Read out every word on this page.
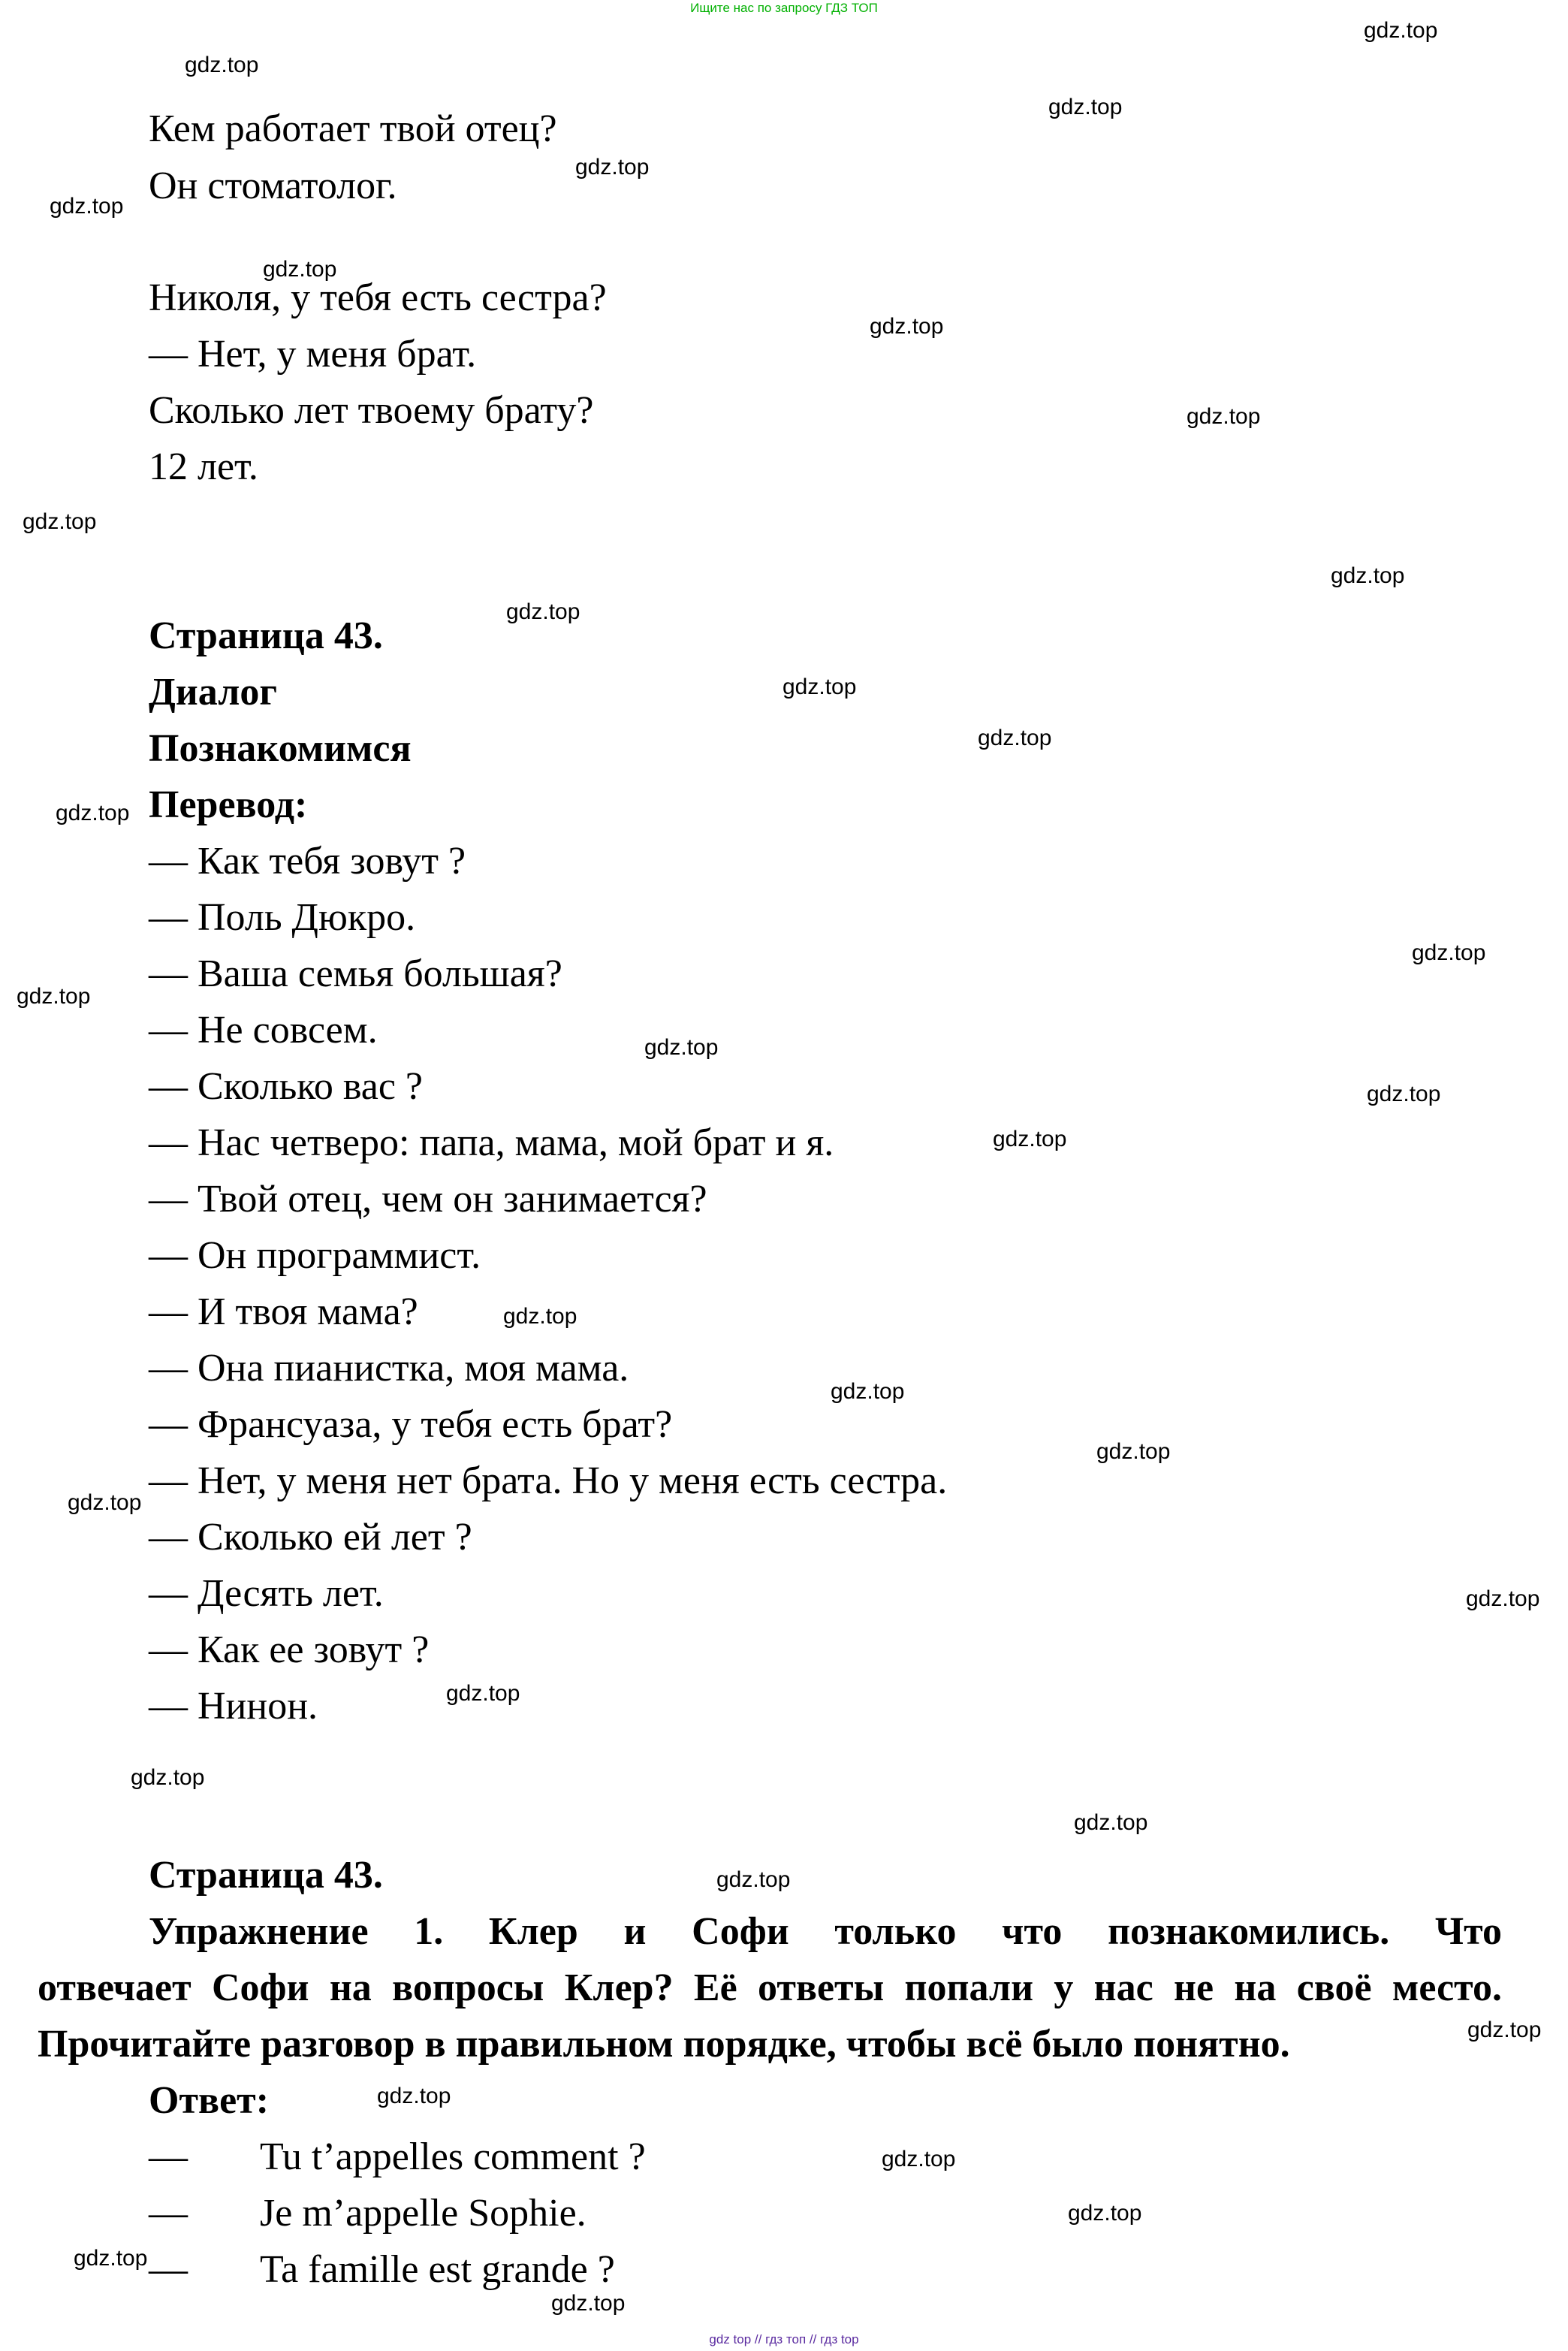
Ищите нас по запросу ГДЗ ТОП
Кем работает твой отец?
Он стоматолог.
Николя, у тебя есть сестра?
— Нет, у меня брат.
Сколько лет твоему брату?
12 лет.
Страница 43.
Диалог
Познакомимся
Перевод:
— Как тебя зовут ?
— Поль Дюкро.
— Ваша семья большая?
— Не совсем.
— Сколько вас ?
— Нас четверо: папа, мама, мой брат и я.
— Твой отец, чем он занимается?
— Он программист.
— И твоя мама?
— Она пианистка, моя мама.
— Франсуаза, у тебя есть брат?
— Нет, у меня нет брата. Но у меня есть сестра.
— Сколько ей лет ?
— Десять лет.
— Как ее зовут ?
— Нинон.
Страница 43.
Упражнение 1. Клер и Софи только что познакомились. Что
отвечает Софи на вопросы Клер? Её ответы попали у нас не на своё место.
Прочитайте разговор в правильном порядке, чтобы всё было понятно.
Ответ:
— Tu t’appelles comment ?
— Je m’appelle Sophie.
— Ta famille est grande ?
gdz.top
gdz.top
gdz.top
gdz.top
gdz.top
gdz.top
gdz.top
gdz.top
gdz.top
gdz.top
gdz.top
gdz.top
gdz.top
gdz.top
gdz.top
gdz.top
gdz.top
gdz.top
gdz.top
gdz.top
gdz.top
gdz.top
gdz.top
gdz.top
gdz.top
gdz.top
gdz.top
gdz.top
gdz.top
gdz.top
gdz.top
gdz.top
gdz.top
gdz.top
gdz top // гдз топ // гдз top
